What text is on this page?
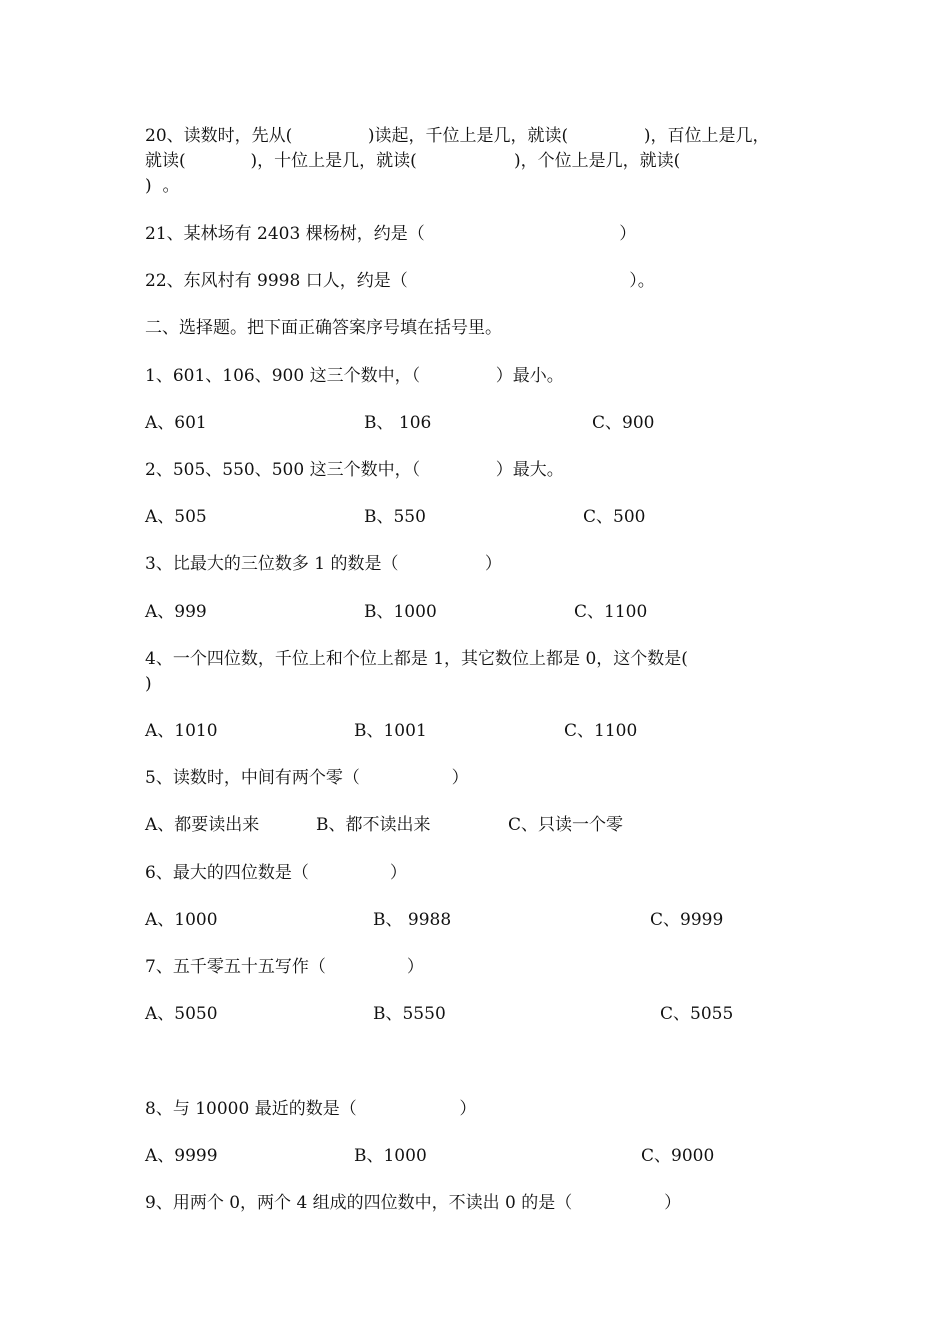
20、读数时，先从(              )读起，千位上是几，就读(              )，百位上是几，
就读(            )，十位上是几，就读(                  )，个位上是几，就读(
)  。
21、某林场有 2403 棵杨树，约是（                                    ）
22、东风村有 9998 口人，约是（                                         ）。
二、选择题。把下面正确答案序号填在括号里。
1、601、106、900 这三个数中，（              ）最小。
A、601	B、 106	C、900
2、505、550、500 这三个数中，（              ）最大。
A、505	B、550	C、500
3、比最大的三位数多 1 的数是（                ）
A、999	B、1000	C、1100
4、一个四位数，千位上和个位上都是 1，其它数位上都是 0，这个数是(
)
A、1010	B、1001	C、1100
5、读数时，中间有两个零（                 ）
A、都要读出来	B、都不读出来	C、只读一个零
6、最大的四位数是（               ）
A、1000	B、 9988	C、9999
7、五千零五十五写作（               ）
A、5050	B、5550	C、5055
8、与 10000 最近的数是（                   ）
A、9999	B、1000	C、9000
9、用两个 0，两个 4 组成的四位数中，不读出 0 的是（                 ）
